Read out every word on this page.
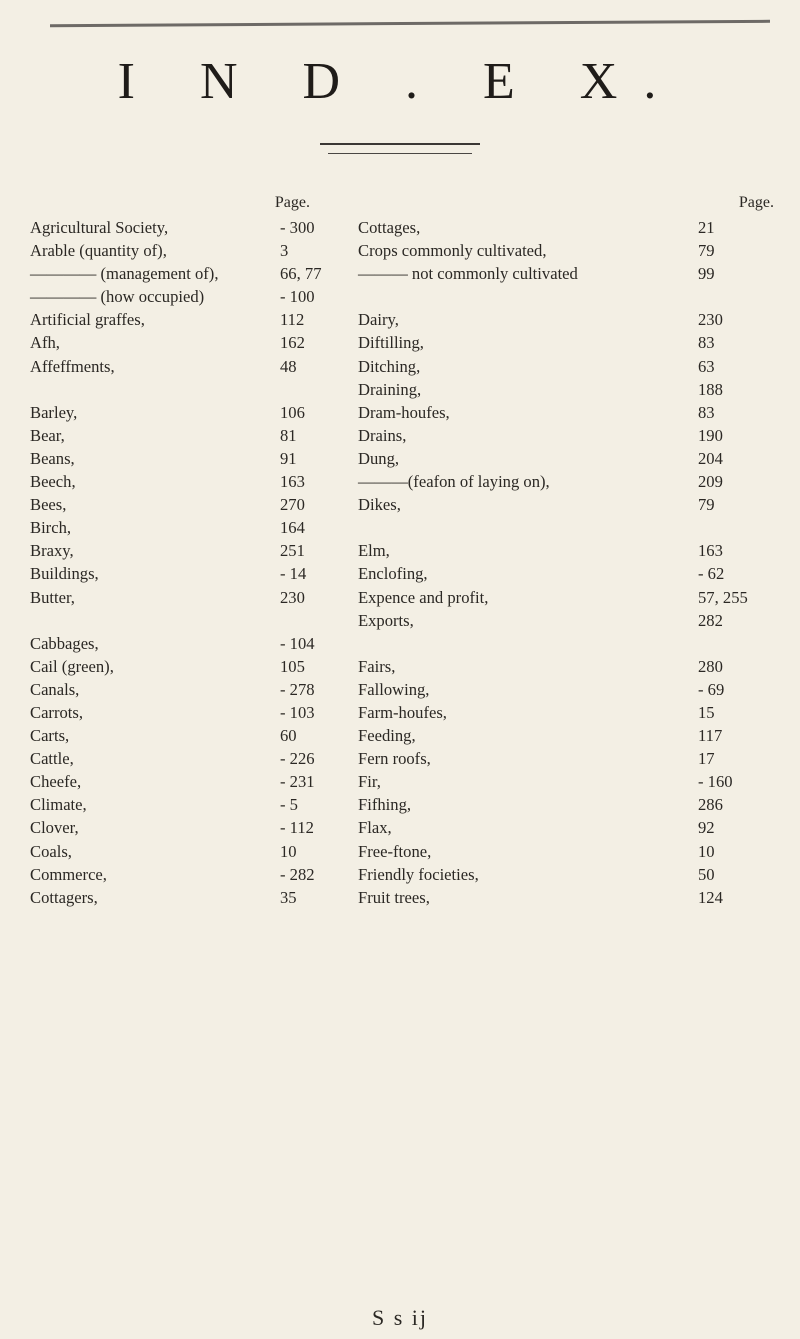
I N D . E X.
Page.
Agricultural Society,	- 300
Arable (quantity of),	3
———— (management of),	66, 77
———— (how occupied)	- 100
Artificial graffes,	112
Afh,	162
Affeffments,	48
Barley,	106
Bear,	81
Beans,	91
Beech,	163
Bees,	270
Birch,	164
Braxy,	251
Buildings,	- 14
Butter,	230
Cabbages,	- 104
Cail (green),	105
Canals,	- 278
Carrots,	- 103
Carts,	60
Cattle,	- 226
Cheefe,	- 231
Climate,	- 5
Clover,	- 112
Coals,	10
Commerce,	- 282
Cottagers,	35
Page.
Cottages,	21
Crops commonly cultivated,	79
——— not commonly cultivated	99
Dairy,	230
Diftilling,	83
Ditching,	63
Draining,	188
Dram-houfes,	83
Drains,	190
Dung,	204
———(feafon of laying on),	209
Dikes,	79
Elm,	163
Enclofing,	- 62
Expence and profit,	57, 255
Exports,	282
Fairs,	280
Fallowing,	- 69
Farm-houfes,	15
Feeding,	117
Fern roofs,	17
Fir,	- 160
Fifhing,	286
Flax,	92
Free-ftone,	10
Friendly focieties,	50
Fruit trees,	124
S s ij
